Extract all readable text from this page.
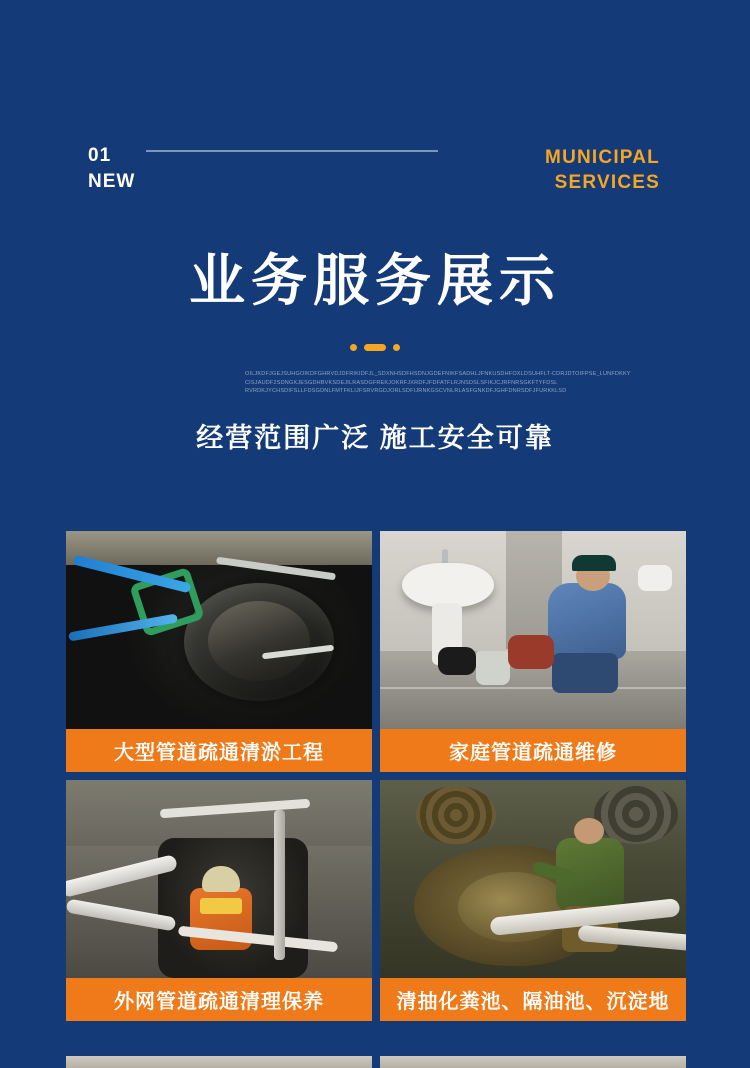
01
NEW
MUNICIPAL
SERVICES
业务服务展示
OILJKDFJGEJSUHGOIKDFGHRVDJDFRIKIDFJL_SDXNHSDFHSDNJGDEFNIKFSADHLJFNKUSDHFOXLDSUHFLT-CDRJDTOIFPSE_LUNFDKKY
CISJAUDF2SDNGKJESGDHBVKSDEJILRASDGFREKJOKRFJXRDFJFDFATFLRJNSDSLSFIKJCJRFNRSGKFTYFDSL
RVRDKJYCHSDIFSLLFDSGDNLFMTFKLIJFSRVRGDJORLSDFIJRNKGSCVNLRLASFGNKDFJGHFDNRSDFJFURKKLSD
经营范围广泛 施工安全可靠
大型管道疏通清淤工程	家庭管道疏通维修
外网管道疏通清理保养	清抽化粪池、隔油池、沉淀地
